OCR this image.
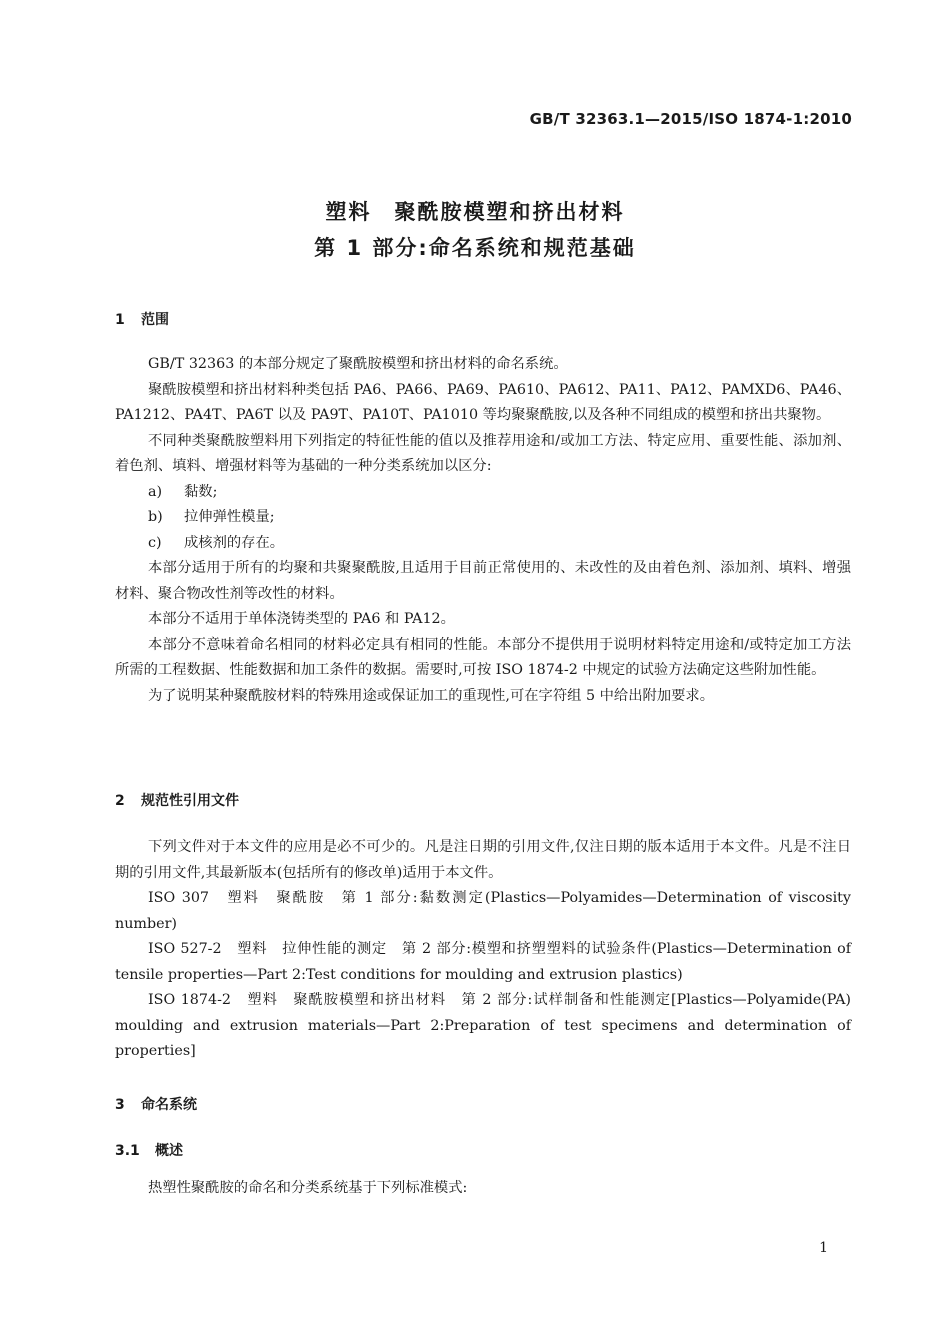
GB/T 32363.1—2015/ISO 1874-1:2010
塑料　聚酰胺模塑和挤出材料
第 1 部分:命名系统和规范基础
1 范围

GB/T 32363 的本部分规定了聚酰胺模塑和挤出材料的命名系统。

聚酰胺模塑和挤出材料种类包括 PA6、PA66、PA69、PA610、PA612、PA11、PA12、PAMXD6、PA46、PA1212、PA4T、PA6T 以及 PA9T、PA10T、PA1010 等均聚聚酰胺,以及各种不同组成的模塑和挤出共聚物。

不同种类聚酰胺塑料用下列指定的特征性能的值以及推荐用途和/或加工方法、特定应用、重要性能、添加剂、着色剂、填料、增强材料等为基础的一种分类系统加以区分:

a) 黏数;

b) 拉伸弹性模量;

c) 成核剂的存在。

本部分适用于所有的均聚和共聚聚酰胺,且适用于目前正常使用的、未改性的及由着色剂、添加剂、填料、增强材料、聚合物改性剂等改性的材料。

本部分不适用于单体浇铸类型的 PA6 和 PA12。

本部分不意味着命名相同的材料必定具有相同的性能。本部分不提供用于说明材料特定用途和/或特定加工方法所需的工程数据、性能数据和加工条件的数据。需要时,可按 ISO 1874-2 中规定的试验方法确定这些附加性能。

为了说明某种聚酰胺材料的特殊用途或保证加工的重现性,可在字符组 5 中给出附加要求。

2 规范性引用文件

下列文件对于本文件的应用是必不可少的。凡是注日期的引用文件,仅注日期的版本适用于本文件。凡是不注日期的引用文件,其最新版本(包括所有的修改单)适用于本文件。

ISO 307　塑料　聚酰胺　第 1 部分:黏数测定(Plastics—Polyamides—Determination of viscosity number)

ISO 527-2　塑料　拉伸性能的测定　第 2 部分:模塑和挤塑塑料的试验条件(Plastics—Determination of tensile properties—Part 2:Test conditions for moulding and extrusion plastics)

ISO 1874-2　塑料　聚酰胺模塑和挤出材料　第 2 部分:试样制备和性能测定[Plastics—Polyamide(PA) moulding and extrusion materials—Part 2:Preparation of test specimens and determination of properties]

3 命名系统
3.1 概述

热塑性聚酰胺的命名和分类系统基于下列标准模式:

1
